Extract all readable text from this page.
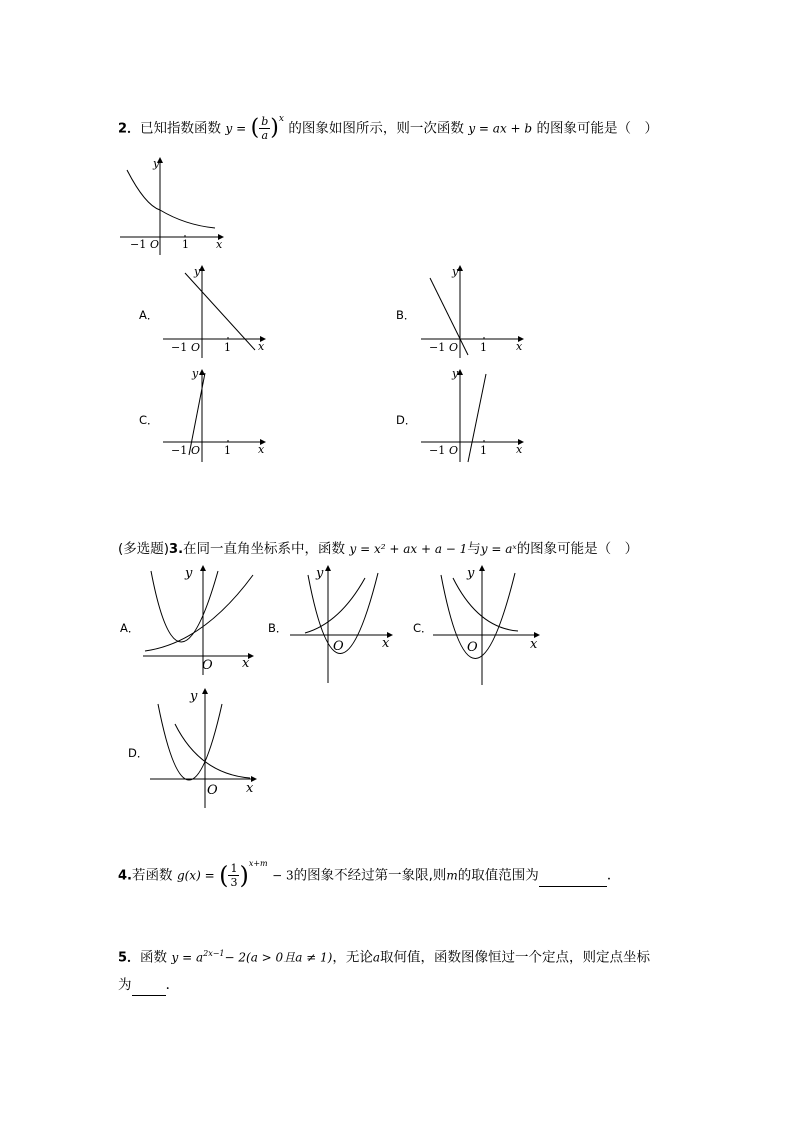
2．已知指数函数 y = ( $\frac{b}{a} )^x$ 的图象如图所示，则一次函数 y = ax + b 的图象可能是（　）
y
x
O
−1	1
A．
y
x
O
−1	1
B．
y
x
O
−1	1
C．
y
x
O
−1	1
D．
y
x
O
−1	1
(多选题)3.在同一直角坐标系中，函数 y = x² + ax + a − 1与y = aˣ的图象可能是（　）
A．
y
x
O
B．
y
x
O
C．
y
x
O
D．
y
x
O
4.若函数 g(x) = ( $\frac{1}{3} )^{x+m} - 3$的图象不经过第一象限,则m的取值范围为	.
5．函数 $y = a^{2x-1}- 2(a > 0$且a ≠ 1)，无论a取何值，函数图像恒过一个定点，则定点坐标
为 .
